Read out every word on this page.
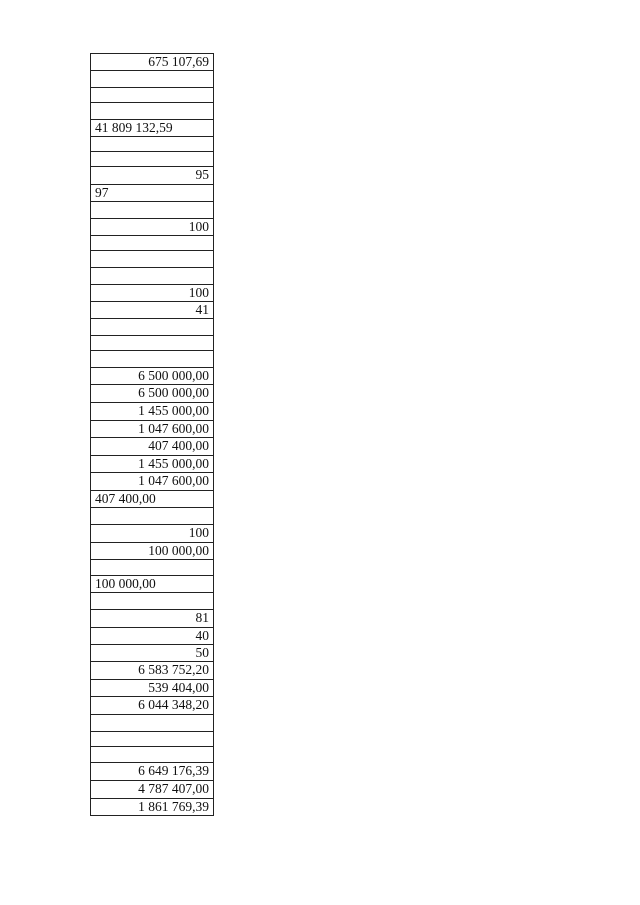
675 107,69
41 809 132,59
95
97
100
100
41
6 500 000,00
6 500 000,00
1 455 000,00
1 047 600,00
407 400,00
1 455 000,00
1 047 600,00
407 400,00
100
100 000,00
100 000,00
81
40
50
6 583 752,20
539 404,00
6 044 348,20
6 649 176,39
4 787 407,00
1 861 769,39
